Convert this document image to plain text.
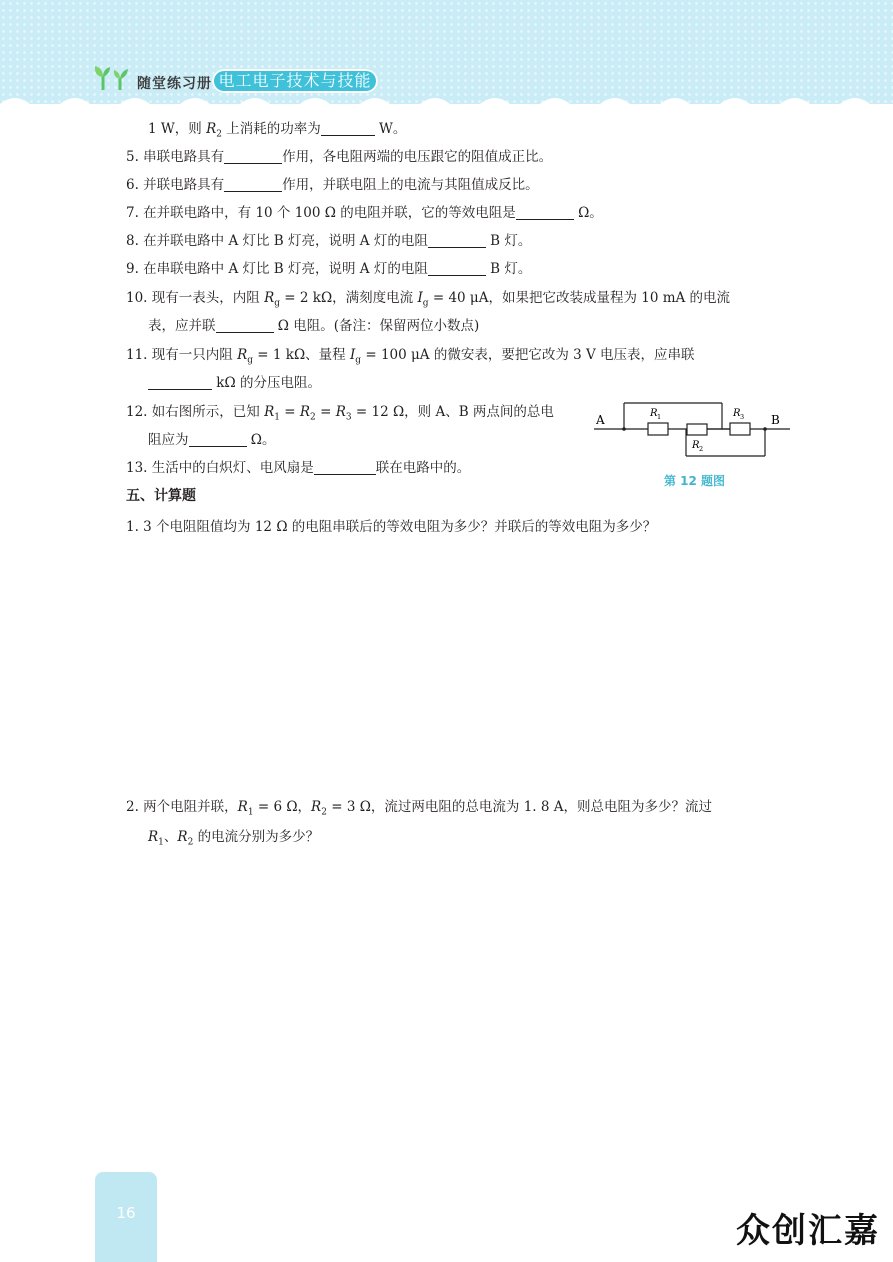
随堂练习册 电工电子技术与技能
1 W，则 $R_2$ 上消耗的功率为	W。
5. 串联电路具有	作用，各电阻两端的电压跟它的阻值成正比。
6. 并联电路具有	作用，并联电阻上的电流与其阻值成反比。
7. 在并联电路中，有 10 个 100 Ω 的电阻并联，它的等效电阻是	Ω。
8. 在并联电路中 A 灯比 B 灯亮，说明 A 灯的电阻	B 灯。
9. 在串联电路中 A 灯比 B 灯亮，说明 A 灯的电阻	B 灯。
10. 现有一表头，内阻 $R_g = 2$ kΩ，满刻度电流 $I_g = 40$ μA，如果把它改装成量程为 10 mA 的电流
表，应并联	Ω 电阻。(备注：保留两位小数点)
11. 现有一只内阻 $R_g = 1$ kΩ、量程 $I_g = 100$ μA 的微安表，要把它改为 3 V 电压表，应串联
kΩ 的分压电阻。
12. 如右图所示，已知 $R_1 = R_2 = R_3 = 12$ Ω，则 A、B 两点间的总电
阻应为	Ω。
13. 生活中的白炽灯、电风扇是	联在电路中的。
A	B
R 1
R 2
R 3
第 12 题图
五、计算题
1. 3 个电阻阻值均为 12 Ω 的电阻串联后的等效电阻为多少？并联后的等效电阻为多少？
2. 两个电阻并联，$R_1 = 6$ Ω，$R_2 = 3$ Ω，流过两电阻的总电流为 1. 8 A，则总电阻为多少？流过
$R_1$、$R_2$ 的电流分别为多少？
16	众创汇嘉
